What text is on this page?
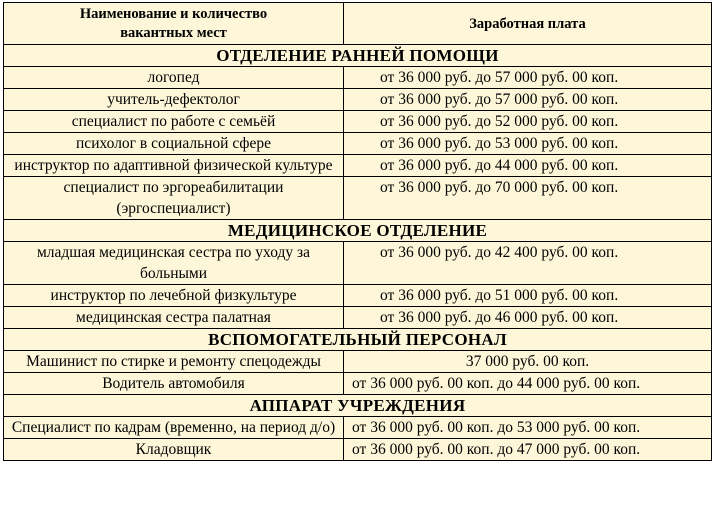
Наименование и количество
вакантных мест	Заработная плата
ОТДЕЛЕНИЕ РАННЕЙ ПОМОЩИ	
логопед	от 36 000 руб. до 57 000 руб. 00 коп.
учитель-дефектолог	от 36 000 руб. до 57 000 руб. 00 коп.
специалист по работе с семьёй	от 36 000 руб. до 52 000 руб. 00 коп.
психолог в социальной сфере	от 36 000 руб. до 53 000 руб. 00 коп.
инструктор по адаптивной физической культуре	от 36 000 руб. до 44 000 руб. 00 коп.
специалист по эргореабилитации (эргоспециалист)	от 36 000 руб. до 70 000 руб. 00 коп.
МЕДИЦИНСКОЕ ОТДЕЛЕНИЕ	
младшая медицинская сестра по уходу за больными	от 36 000 руб. до 42 400 руб. 00 коп.
инструктор по лечебной физкультуре	от 36 000 руб. до 51 000 руб. 00 коп.
медицинская сестра палатная	от 36 000 руб. до 46 000 руб. 00 коп.
ВСПОМОГАТЕЛЬНЫЙ ПЕРСОНАЛ	
Машинист по стирке и ремонту спецодежды	37 000 руб. 00 коп.
Водитель автомобиля	от 36 000 руб. 00 коп. до 44 000 руб. 00 коп.
АППАРАТ УЧРЕЖДЕНИЯ	
Специалист по кадрам (временно, на период д/о)	от 36 000 руб. 00 коп. до 53 000 руб. 00 коп.
Кладовщик	от 36 000 руб. 00 коп. до 47 000 руб. 00 коп.
